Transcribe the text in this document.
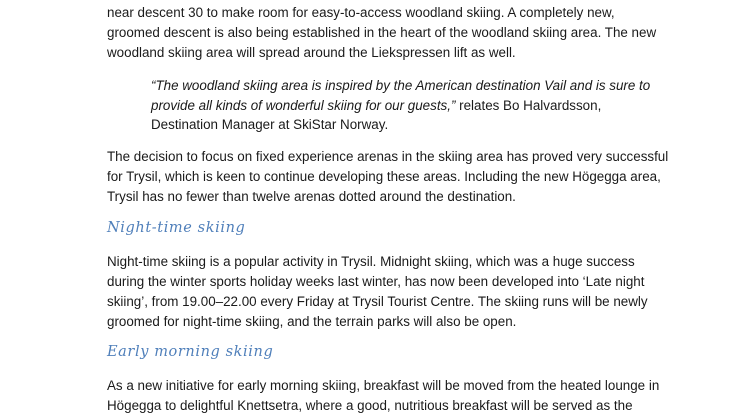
near descent 30 to make room for easy-to-access woodland skiing. A completely new,
groomed descent is also being established in the heart of the woodland skiing area. The new
woodland skiing area will spread around the Liekspressen lift as well.

“The woodland skiing area is inspired by the American destination Vail and is sure to
provide all kinds of wonderful skiing for our guests,” relates Bo Halvardsson,
Destination Manager at SkiStar Norway.

The decision to focus on fixed experience arenas in the skiing area has proved very successful
for Trysil, which is keen to continue developing these areas. Including the new Högegga area,
Trysil has no fewer than twelve arenas dotted around the destination.

Night-time skiing

Night-time skiing is a popular activity in Trysil. Midnight skiing, which was a huge success
during the winter sports holiday weeks last winter, has now been developed into ‘Late night
skiing’, from 19.00–22.00 every Friday at Trysil Tourist Centre. The skiing runs will be newly
groomed for night-time skiing, and the terrain parks will also be open.

Early morning skiing

As a new initiative for early morning skiing, breakfast will be moved from the heated lounge in
Högegga to delightful Knettsetra, where a good, nutritious breakfast will be served as the
